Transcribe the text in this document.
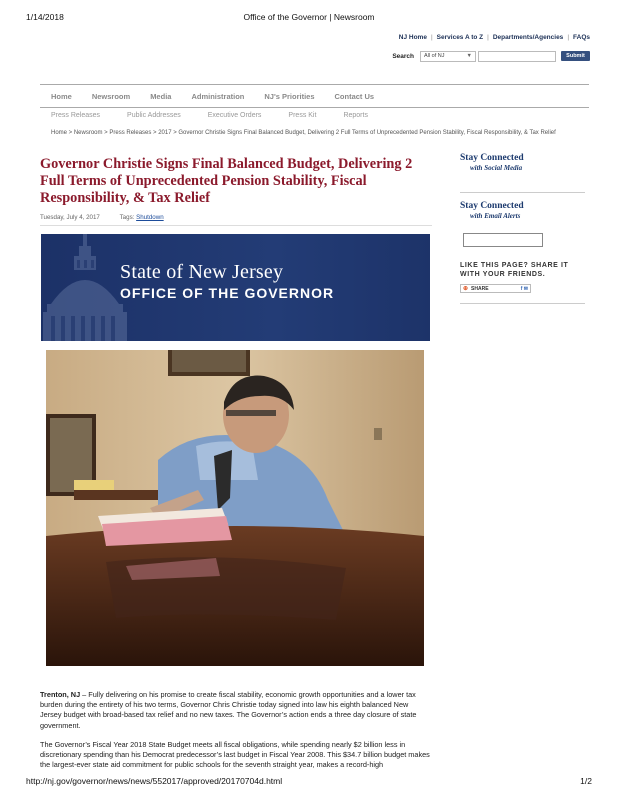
1/14/2018	Office of the Governor | Newsroom
NJ Home | Services A to Z | Departments/Agencies | FAQs
Search	All of NJ	▼	Submit
Home	Newsroom	Media	Administration	NJ's Priorities	Contact Us
Press Releases	Public Addresses	Executive Orders	Press Kit	Reports
Home > Newsroom > Press Releases > 2017 > Governor Christie Signs Final Balanced Budget, Delivering 2 Full Terms of Unprecedented Pension Stability, Fiscal Responsibility, & Tax Relief
Governor Christie Signs Final Balanced Budget, Delivering 2 Full Terms of Unprecedented Pension Stability, Fiscal Responsibility, & Tax Relief
Tuesday, July 4, 2017	Tags: Shutdown
State of New Jersey
OFFICE OF THE GOVERNOR
Stay Connected
with Social Media
Stay Connected
with Email Alerts
LIKE THIS PAGE? SHARE IT WITH YOUR FRIENDS.
⊕ SHARE	f ✉

Trenton, NJ – Fully delivering on his promise to create fiscal stability, economic growth opportunities and a lower tax burden during the entirety of his two terms, Governor Chris Christie today signed into law his eighth balanced New Jersey budget with broad-based tax relief and no new taxes. The Governor’s action ends a three day closure of state government.

The Governor’s Fiscal Year 2018 State Budget meets all fiscal obligations, while spending nearly $2 billion less in discretionary spending than his Democrat predecessor’s last budget in Fiscal Year 2008. This $34.7 billion budget makes the largest-ever state aid commitment for public schools for the seventh straight year, makes a record-high

http://nj.gov/governor/news/news/552017/approved/20170704d.html	1/2
